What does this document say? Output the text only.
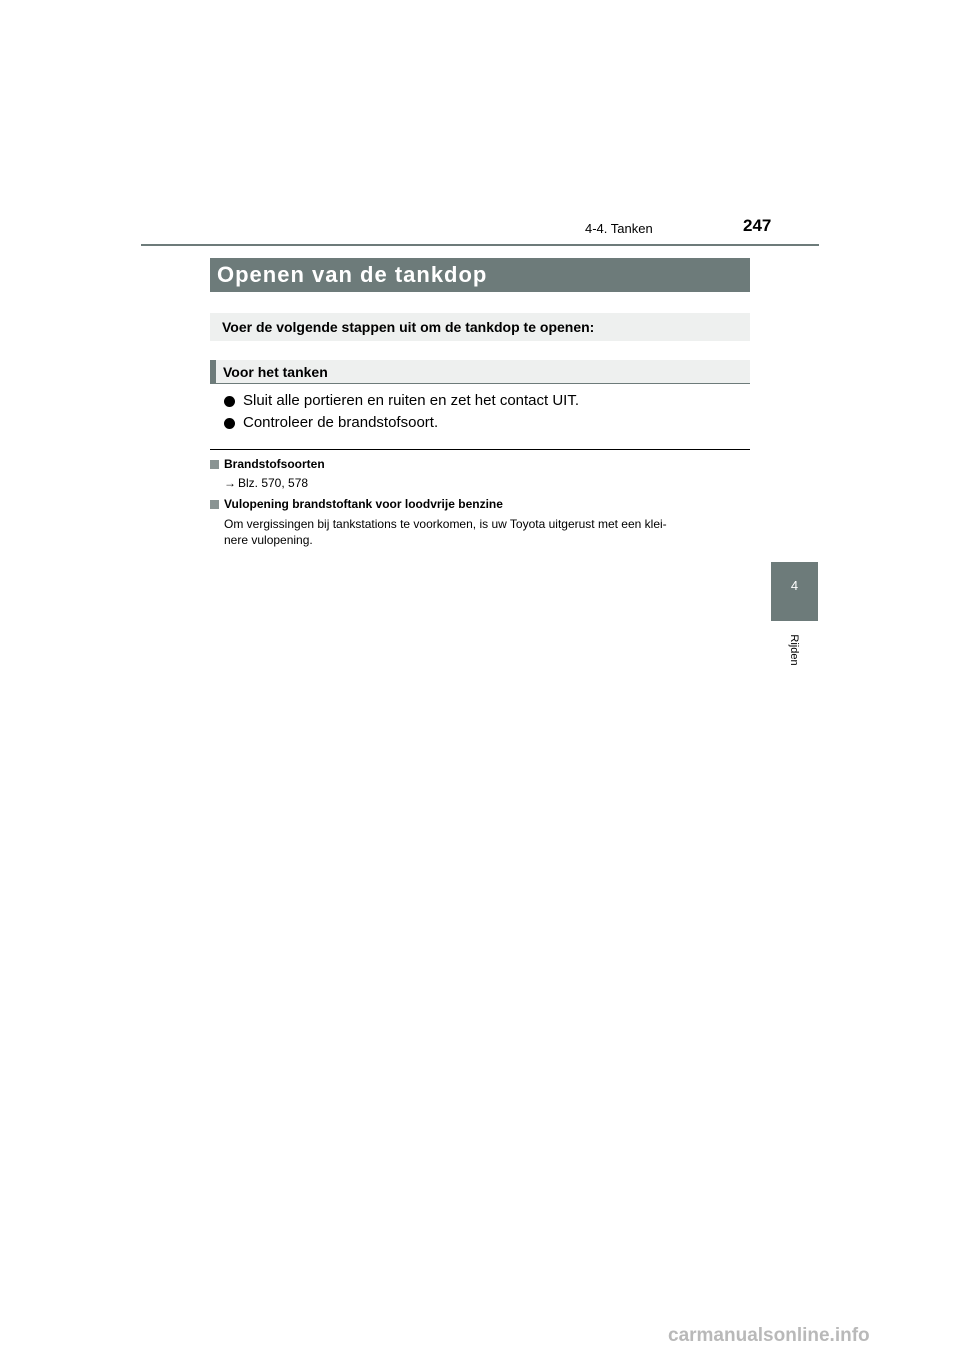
4-4. Tanken	247
Openen van de tankdop
Voer de volgende stappen uit om de tankdop te openen:
Voor het tanken
Sluit alle portieren en ruiten en zet het contact UIT.
Controleer de brandstofsoort.
Brandstofsoorten
→ Blz. 570, 578
Vulopening brandstoftank voor loodvrije benzine
Om vergissingen bij tankstations te voorkomen, is uw Toyota uitgerust met een klei-
nere vulopening.
4
Rijden
carmanualsonline.info
